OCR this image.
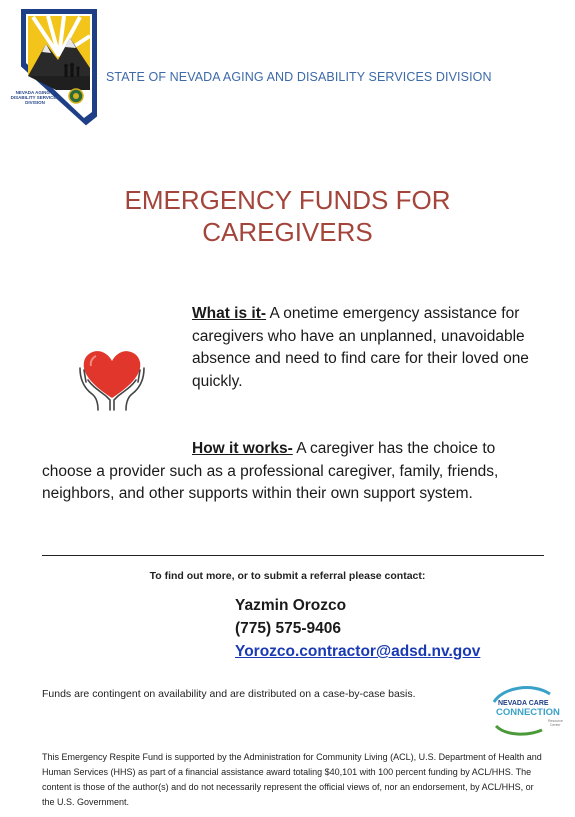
NEVADA AGING & DISABILITY SERVICES DIVISION
STATE OF NEVADA AGING AND DISABILITY SERVICES DIVISION
EMERGENCY FUNDS FOR
CAREGIVERS

What is it- A onetime emergency assistance for caregivers who have an unplanned, unavoidable absence and need to find care for their loved one quickly.

How it works- A caregiver has the choice to choose a provider such as a professional caregiver, family, friends, neighbors, and other supports within their own support system.

To find out more, or to submit a referral please contact:
Yazmin Orozco
(775) 575-9406
Yorozco.contractor@adsd.nv.gov
Funds are contingent on availability and are distributed on a case-by-case basis.
NEVADA CARE
CONNECTION
Resource
Center
This Emergency Respite Fund is supported by the Administration for Community Living (ACL), U.S. Department of Health and Human Services (HHS) as part of a financial assistance award totaling $40,101 with 100 percent funding by ACL/HHS. The content is those of the author(s) and do not necessarily represent the official views of, nor an endorsement, by ACL/HHS, or the U.S. Government.
